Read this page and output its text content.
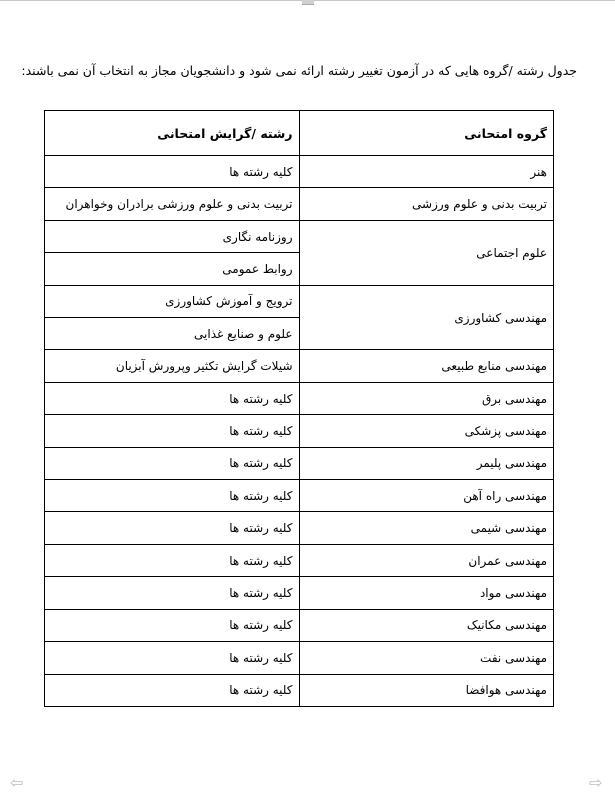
جدول رشته /گروه هایی که در آزمون تغییر رشته ارائه نمی شود و دانشجویان مجاز به انتخاب آن نمی باشند:
گروه امتحانی	رشته /گرایش امتحانی
هنر	کلیه رشته ها
تربیت بدنی و علوم ورزشی	تربیت بدنی و علوم ورزشی برادران وخواهران
علوم اجتماعی	روزنامه نگاری
	روابط عمومی
مهندسی کشاورزی	ترویج و آموزش کشاورزی
	علوم و صنایع غذایی
مهندسی منابع طبیعی	شیلات گرایش تکثیر وپرورش آبزیان
مهندسی برق	کلیه رشته ها
مهندسی پزشکی	کلیه رشته ها
مهندسی پلیمر	کلیه رشته ها
مهندسی راه آهن	کلیه رشته ها
مهندسی شیمی	کلیه رشته ها
مهندسی عمران	کلیه رشته ها
مهندسی مواد	کلیه رشته ها
مهندسی مکانیک	کلیه رشته ها
مهندسی نفت	کلیه رشته ها
مهندسی هوافضا	کلیه رشته ها
⇦	⇨
